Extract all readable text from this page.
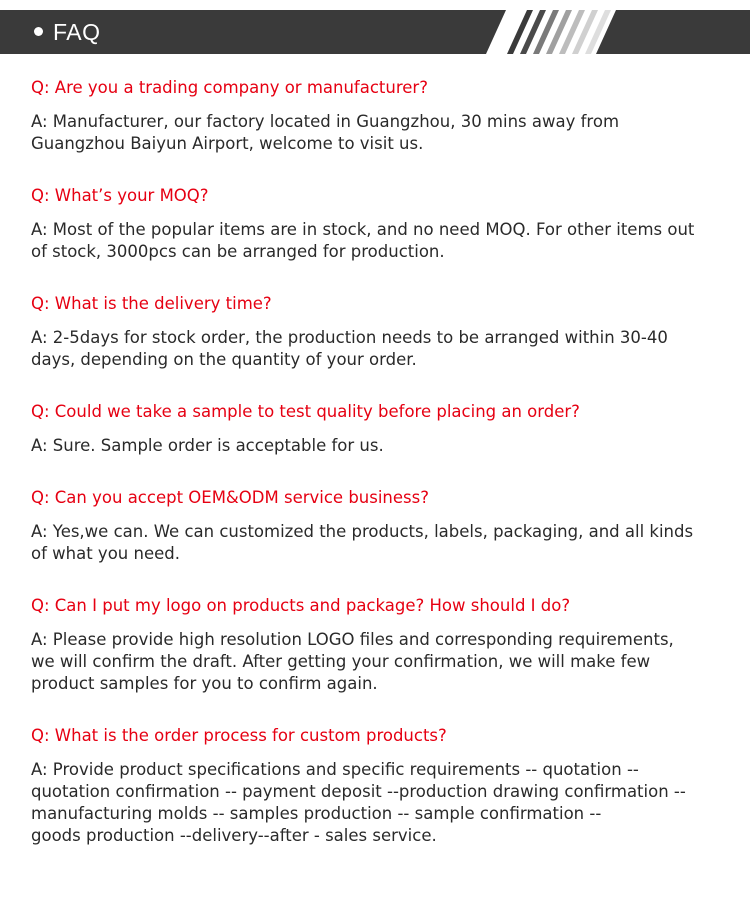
FAQ

Q: Are you a trading company or manufacturer?

A: Manufacturer, our factory located in Guangzhou, 30 mins away from
Guangzhou Baiyun Airport, welcome to visit us.

Q: What’s your MOQ?

A: Most of the popular items are in stock, and no need MOQ. For other items out
of stock, 3000pcs can be arranged for production.

Q: What is the delivery time?

A: 2-5days for stock order, the production needs to be arranged within 30-40
days, depending on the quantity of your order.

Q: Could we take a sample to test quality before placing an order?

A: Sure. Sample order is acceptable for us.

Q: Can you accept OEM&ODM service business?

A: Yes,we can. We can customized the products, labels, packaging, and all kinds
of what you need.

Q: Can I put my logo on products and package? How should I do?

A: Please provide high resolution LOGO files and corresponding requirements,
we will confirm the draft. After getting your confirmation, we will make few
product samples for you to confirm again.

Q: What is the order process for custom products?

A: Provide product specifications and specific requirements -- quotation --
quotation confirmation -- payment deposit --production drawing confirmation --
manufacturing molds -- samples production -- sample confirmation --
goods production --delivery--after - sales service.
